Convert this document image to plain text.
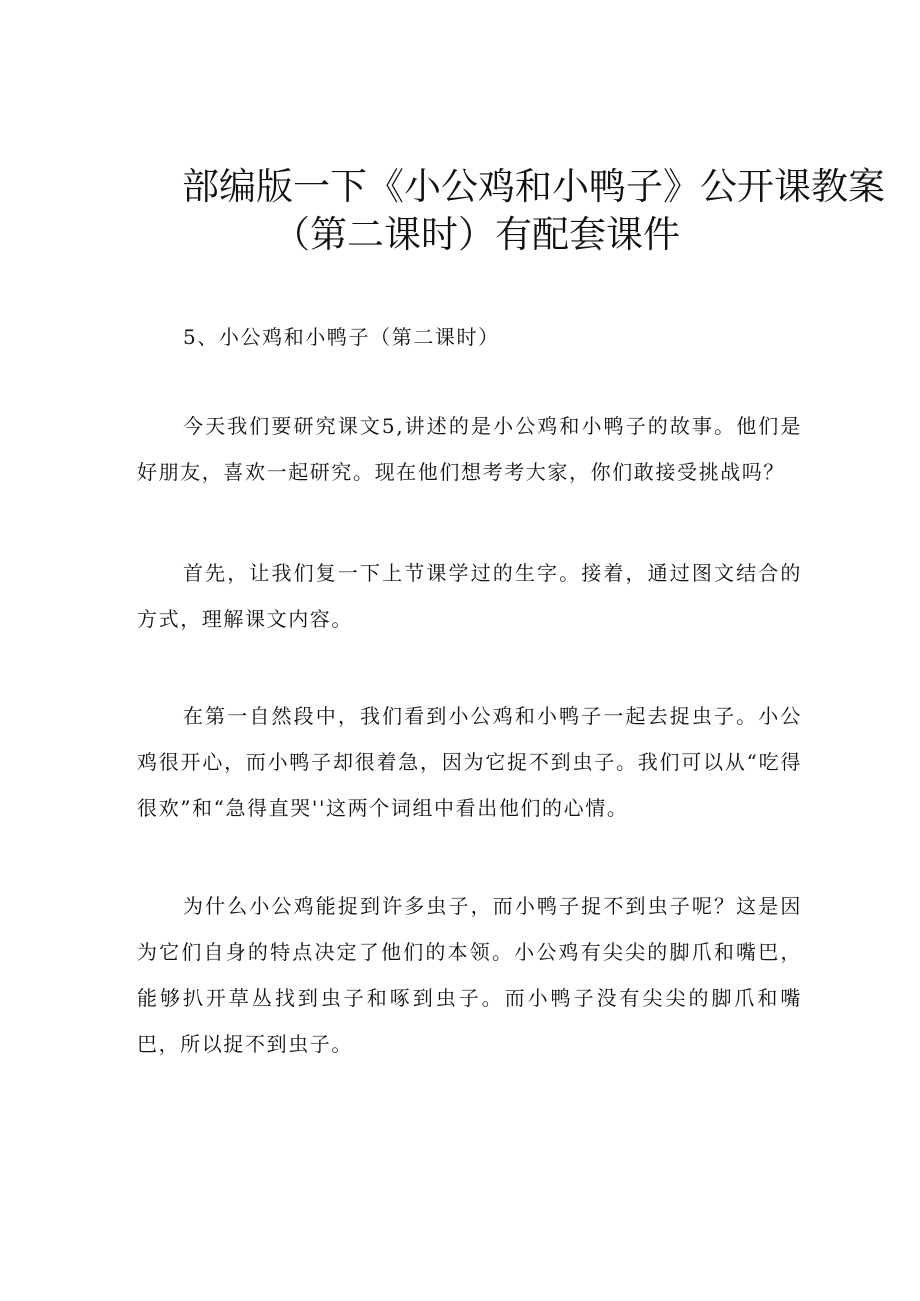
部编版一下《小公鸡和小鸭子》公开课教案
（第二课时）有配套课件
5、小公鸡和小鸭子（第二课时）
今天我们要研究课文5,讲述的是小公鸡和小鸭子的故事。他们是好朋友，喜欢一起研究。现在他们想考考大家，你们敢接受挑战吗？
首先，让我们复一下上节课学过的生字。接着，通过图文结合的方式，理解课文内容。
在第一自然段中，我们看到小公鸡和小鸭子一起去捉虫子。小公鸡很开心，而小鸭子却很着急，因为它捉不到虫子。我们可以从“吃得很欢”和“急得直哭''这两个词组中看出他们的心情。
为什么小公鸡能捉到许多虫子，而小鸭子捉不到虫子呢？这是因为它们自身的特点决定了他们的本领。小公鸡有尖尖的脚爪和嘴巴，能够扒开草丛找到虫子和啄到虫子。而小鸭子没有尖尖的脚爪和嘴巴，所以捉不到虫子。
